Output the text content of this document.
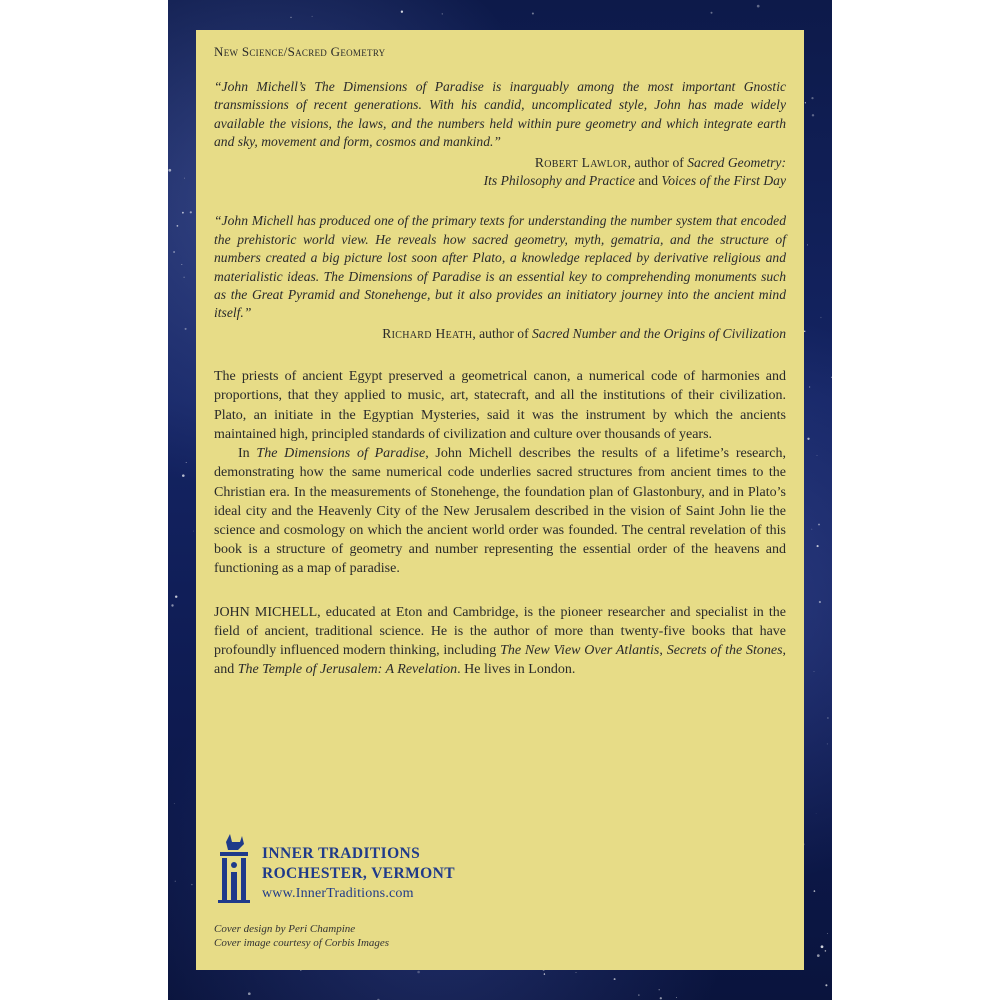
New Science/Sacred Geometry

“John Michell’s The Dimensions of Paradise is inarguably among the most important Gnostic transmissions of recent generations. With his candid, uncomplicated style, John has made widely available the visions, the laws, and the numbers held within pure geometry and which integrate earth and sky, movement and form, cosmos and mankind.”

Robert Lawlor, author of Sacred Geometry:
Its Philosophy and Practice and Voices of the First Day

“John Michell has produced one of the primary texts for understanding the number system that encoded the prehistoric world view. He reveals how sacred geometry, myth, gematria, and the structure of numbers created a big picture lost soon after Plato, a knowledge replaced by derivative religious and materialistic ideas. The Dimensions of Paradise is an essential key to comprehending monuments such as the Great Pyramid and Stonehenge, but it also provides an initiatory journey into the ancient mind itself.”

Richard Heath, author of Sacred Number and the Origins of Civilization

The priests of ancient Egypt preserved a geometrical canon, a numerical code of harmonies and proportions, that they applied to music, art, statecraft, and all the institutions of their civilization. Plato, an initiate in the Egyptian Mysteries, said it was the instrument by which the ancients maintained high, principled standards of civilization and culture over thousands of years.

In The Dimensions of Paradise, John Michell describes the results of a lifetime’s research, demonstrating how the same numerical code underlies sacred structures from ancient times to the Christian era. In the measurements of Stonehenge, the foundation plan of Glastonbury, and in Plato’s ideal city and the Heavenly City of the New Jerusalem described in the vision of Saint John lie the science and cosmology on which the ancient world order was founded. The central revelation of this book is a structure of geometry and number representing the essential order of the heavens and functioning as a map of paradise.

JOHN MICHELL, educated at Eton and Cambridge, is the pioneer researcher and specialist in the field of ancient, traditional science. He is the author of more than twenty-five books that have profoundly influenced modern thinking, including The New View Over Atlantis, Secrets of the Stones, and The Temple of Jerusalem: A Revelation. He lives in London.

INNER TRADITIONS
ROCHESTER, VERMONT
www.InnerTraditions.com
Cover design by Peri Champine
Cover image courtesy of Corbis Images
